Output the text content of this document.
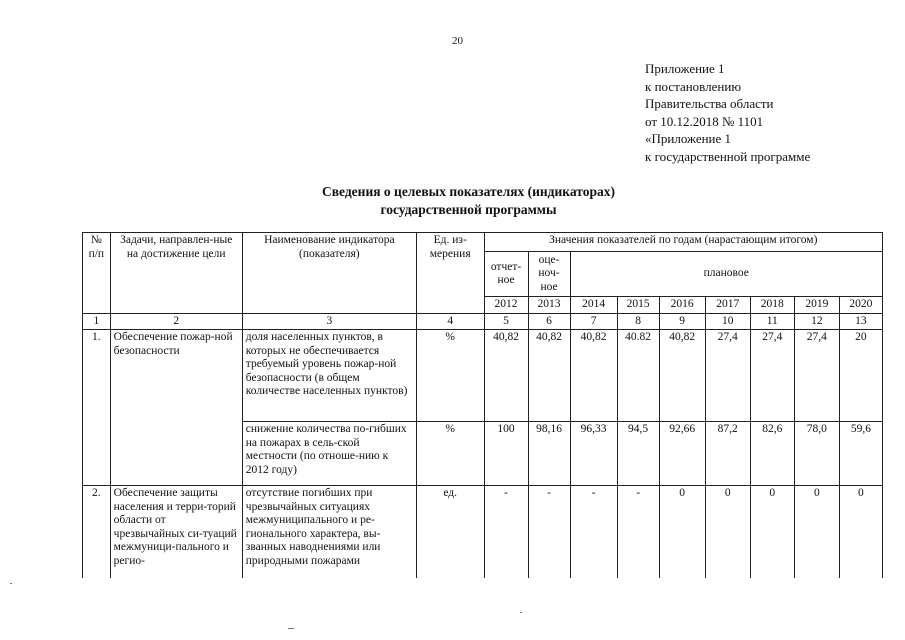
20
Приложение 1
к постановлению
Правительства области
от 10.12.2018 № 1101
«Приложение 1
к государственной программе
Сведения о целевых показателях (индикаторах)
государственной программы
№ п/п	Задачи, направлен-ные на достижение цели	Наименование индикатора (показателя)	Ед. из-мерения	Значения показателей по годам (нарастающим итогом)								
				отчет-ное	оце-ноч-ное	плановое						
				2012	2013	2014	2015	2016	2017	2018	2019	2020
1	2	3	4	5	6	7	8	9	10	11	12	13
1.	Обеспечение пожар-ной безопасности	доля населенных пунктов, в которых не обеспечивается требуемый уровень пожар-ной безопасности (в общем количестве населенных пунктов)	%	40,82	40,82	40,82	40.82	40,82	27,4	27,4	27,4	20
		снижение количества по-гибших на пожарах в сель-ской местности (по отноше-нию к 2012 году)	%	100	98,16	96,33	94,5	92,66	87,2	82,6	78,0	59,6
2.	Обеспечение защиты населения и терри-торий области от чрезвычайных си-туаций межмуници-пального и регио-	отсутствие погибших при чрезвычайных ситуациях межмуниципального и ре-гионального характера, вы-званных наводнениями или природными пожарами	ед.	-	-	-	-	0	0	0	0	0
